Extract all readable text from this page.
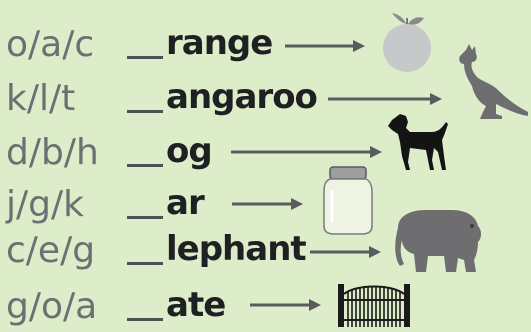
o/a/c range
k/l/t	angaroo
d/b/h og
j/g/k ar
c/e/g lephant
g/o/a ate
